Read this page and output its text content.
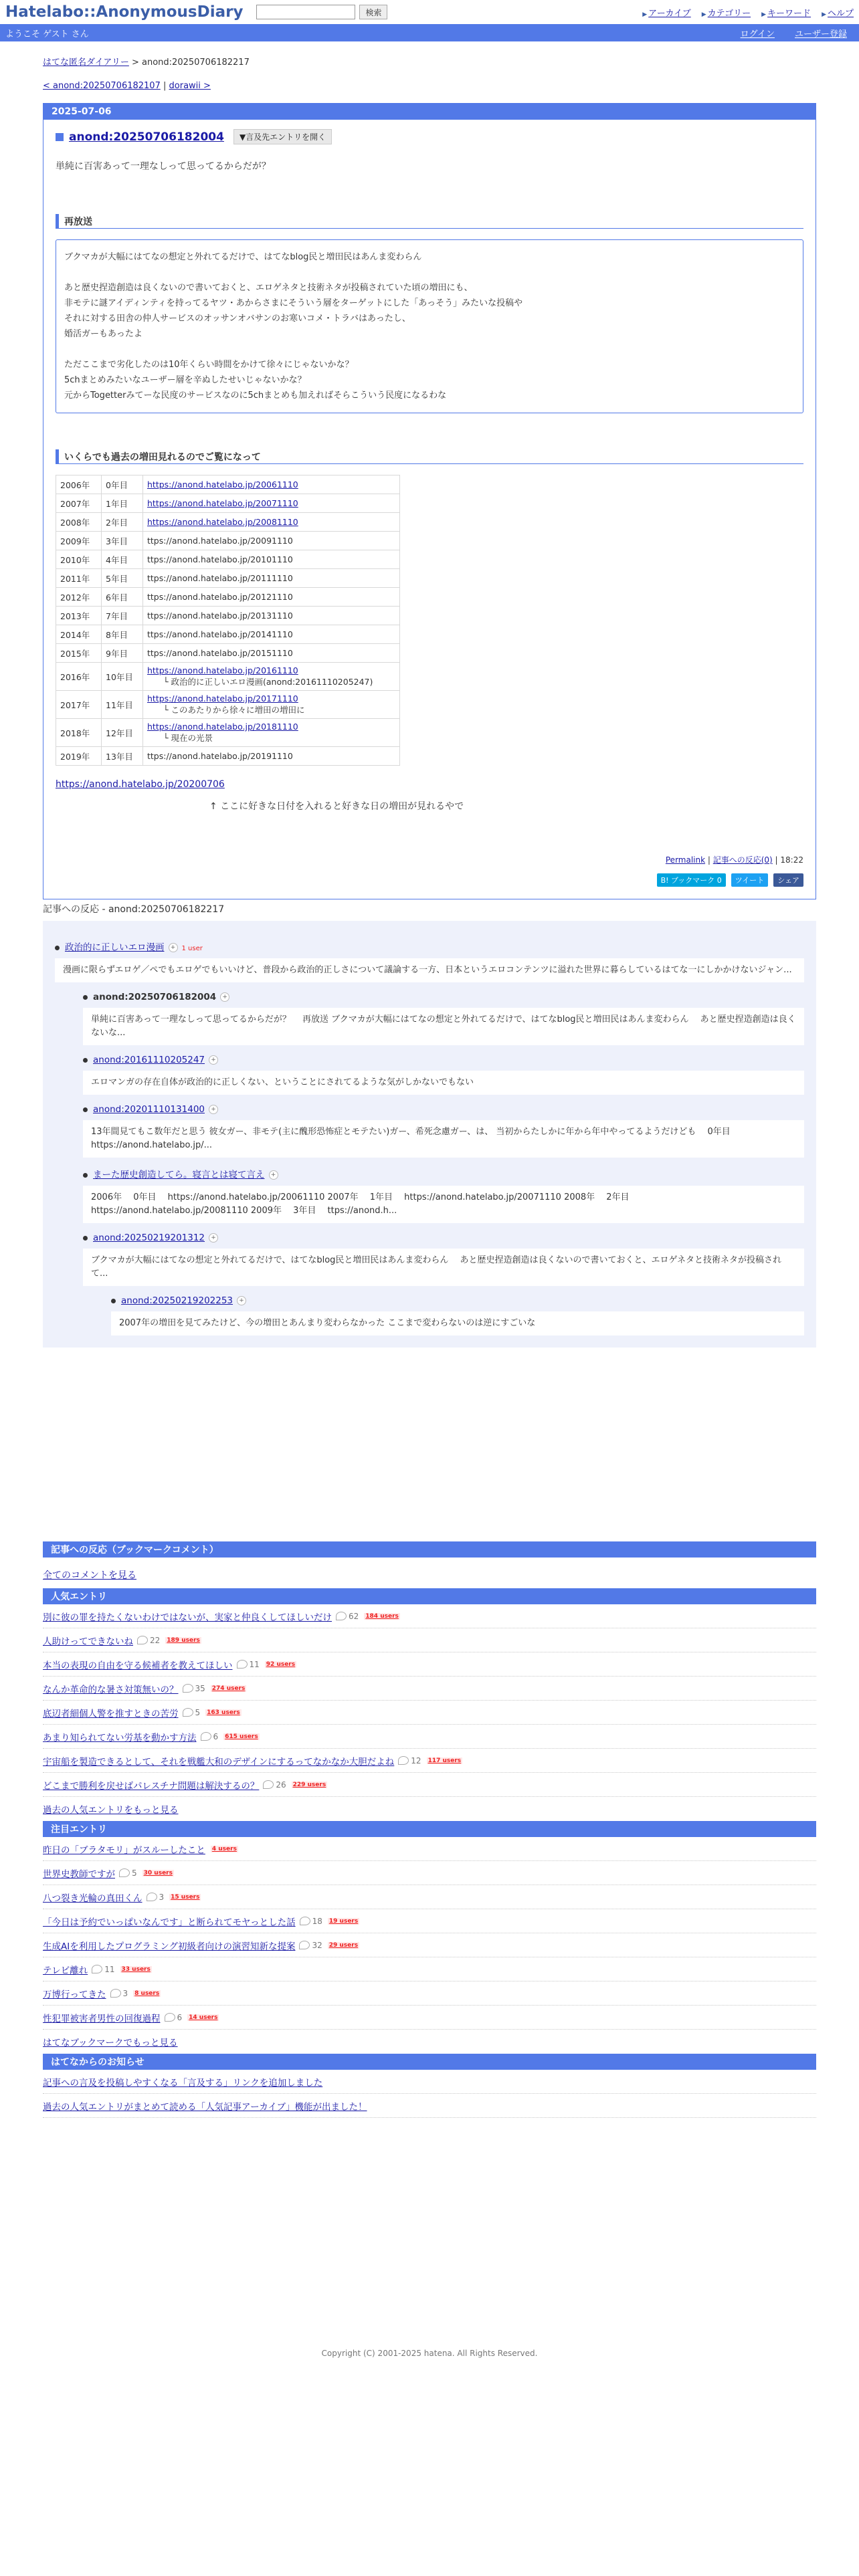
Hatelabo::AnonymousDiary	検索	▶ アーカイブ	▶ カテゴリー	▶ キーワード	▶ ヘルプ
ようこそ ゲスト さん	ログイン ユーザー登録
はてな匿名ダイアリー > anond:20250706182217
< anond:20250706182107 | dorawii >
2025-07-06
anond:20250706182004	▼言及先エントリを開く
単純に百害あって一理なしって思ってるからだが？
再放送
ブクマカが大幅にはてなの想定と外れてるだけで、はてなblog民と増田民はあんま変わらん

あと歴史捏造創造は良くないので書いておくと、エロゲネタと技術ネタが投稿されていた頃の増田にも、
非モテに謎アイディンティを持ってるヤツ・あからさまにそういう層をターゲットにした「あっそう」みたいな投稿や
それに対する田舎の仲人サービスのオッサンオバサンのお寒いコメ・トラバはあったし、
婚活ガーもあったよ

ただここまで劣化したのは10年くらい時間をかけて徐々にじゃないかな？
5chまとめみたいなユーザー層を辛ぬしたせいじゃないかな？
元からTogetterみてーな民度のサービスなのに5chまとめも加えればそらこういう民度になるわな
いくらでも過去の増田見れるのでご覧になって
2006年	0年目	https://anond.hatelabo.jp/20061110
2007年	1年目	https://anond.hatelabo.jp/20071110
2008年	2年目	https://anond.hatelabo.jp/20081110
2009年	3年目	ttps://anond.hatelabo.jp/20091110
2010年	4年目	ttps://anond.hatelabo.jp/20101110
2011年	5年目	ttps://anond.hatelabo.jp/20111110
2012年	6年目	ttps://anond.hatelabo.jp/20121110
2013年	7年目	ttps://anond.hatelabo.jp/20131110
2014年	8年目	ttps://anond.hatelabo.jp/20141110
2015年	9年目	ttps://anond.hatelabo.jp/20151110
2016年	10年目	https://anond.hatelabo.jp/20161110
└ 政治的に正しいエロ漫画(anond:20161110205247)

2017年	11年目	https://anond.hatelabo.jp/20171110
└ このあたりから徐々に増田の増田に

2018年	12年目	https://anond.hatelabo.jp/20181110
└ 現在の光景

2019年	13年目	ttps://anond.hatelabo.jp/20191110
https://anond.hatelabo.jp/20200706
↑ ここに好きな日付を入れると好きな日の増田が見れるやで
Permalink | 記事への反応(0) | 18:22
B! ブックマーク 0	ツイート	シェア
記事への反応 - anond:20250706182217
政治的に正しいエロ漫画 + 1 user
漫画に限らずエロゲ／ペでもエロゲでもいいけど、普段から政治的正しさについて議論する一方、日本というエロコンテンツに溢れた世界に暮らしているはてな一にしかかけないジャン...
anond:20250706182004 +
単純に百害あって一理なしって思ってるからだが？　 再放送 ブクマカが大幅にはてなの想定と外れてるだけで、はてなblog民と増田民はあんま変わらん　 あと歴史捏造創造は良くないな...
anond:20161110205247 +
エロマンガの存在自体が政治的に正しくない、ということにされてるような気がしかないでもない
anond:20201110131400 +
13年間見てもこ数年だと思う 彼女ガー、非モテ(主に醜形恐怖症とモテたい)ガー、希死念慮ガー、は、 当初からたしかに年から年中やってるようだけども　 0年目　https://anond.hatelabo.jp/...
まーた歴史創造してら。寝言とは寝て言え +
2006年　 0年目　 https://anond.hatelabo.jp/20061110 2007年　 1年目　 https://anond.hatelabo.jp/20071110 2008年　 2年目　 https://anond.hatelabo.jp/20081110 2009年　 3年目　 ttps://anond.h...
anond:20250219201312 +
ブクマカが大幅にはてなの想定と外れてるだけで、はてなblog民と増田民はあんま変わらん　 あと歴史捏造創造は良くないので書いておくと、エロゲネタと技術ネタが投稿されて...
anond:20250219202253 +
2007年の増田を見てみたけど、今の増田とあんまり変わらなかった ここまで変わらないのは逆にすごいな
記事への反応（ブックマークコメント）
全てのコメントを見る
人気エントリ
別に彼の罪を持たくないわけではないが、実家と仲良くしてほしいだけ	62 184 users
人助けってできないね	22 189 users
本当の表現の自由を守る候補者を教えてほしい	11 92 users
なんか革命的な暑さ対策無いの？	35 274 users
底辺者細個人警を推すときの苦労	5 163 users
あまり知られてない労基を動かす方法	6 615 users
宇宙船を製造できるとして、それを戦艦大和のデザインにするってなかなか大胆だよね	12 117 users
どこまで勝利を戻せばパレスチナ問題は解決するの？	26 229 users
過去の人気エントリをもっと見る
注目エントリ
昨日の「ブラタモリ」がスルーしたこと 4 users
世界史教師ですが	5 30 users
八つ裂き光輪の真田くん	3 15 users
「今日は予約でいっぱいなんです」と断られてモヤっとした話	18 19 users
生成AIを利用したプログラミング初級者向けの演習知新な提案	32 29 users
テレビ離れ	11 33 users
万博行ってきた	3 8 users
性犯罪被害者男性の回復過程	6 14 users
はてなブックマークでもっと見る
はてなからのお知らせ
記事への言及を投稿しやすくなる「言及する」リンクを追加しました
過去の人気エントリがまとめて読める「人気記事アーカイブ」機能が出ました！
Copyright (C) 2001-2025 hatena. All Rights Reserved.
